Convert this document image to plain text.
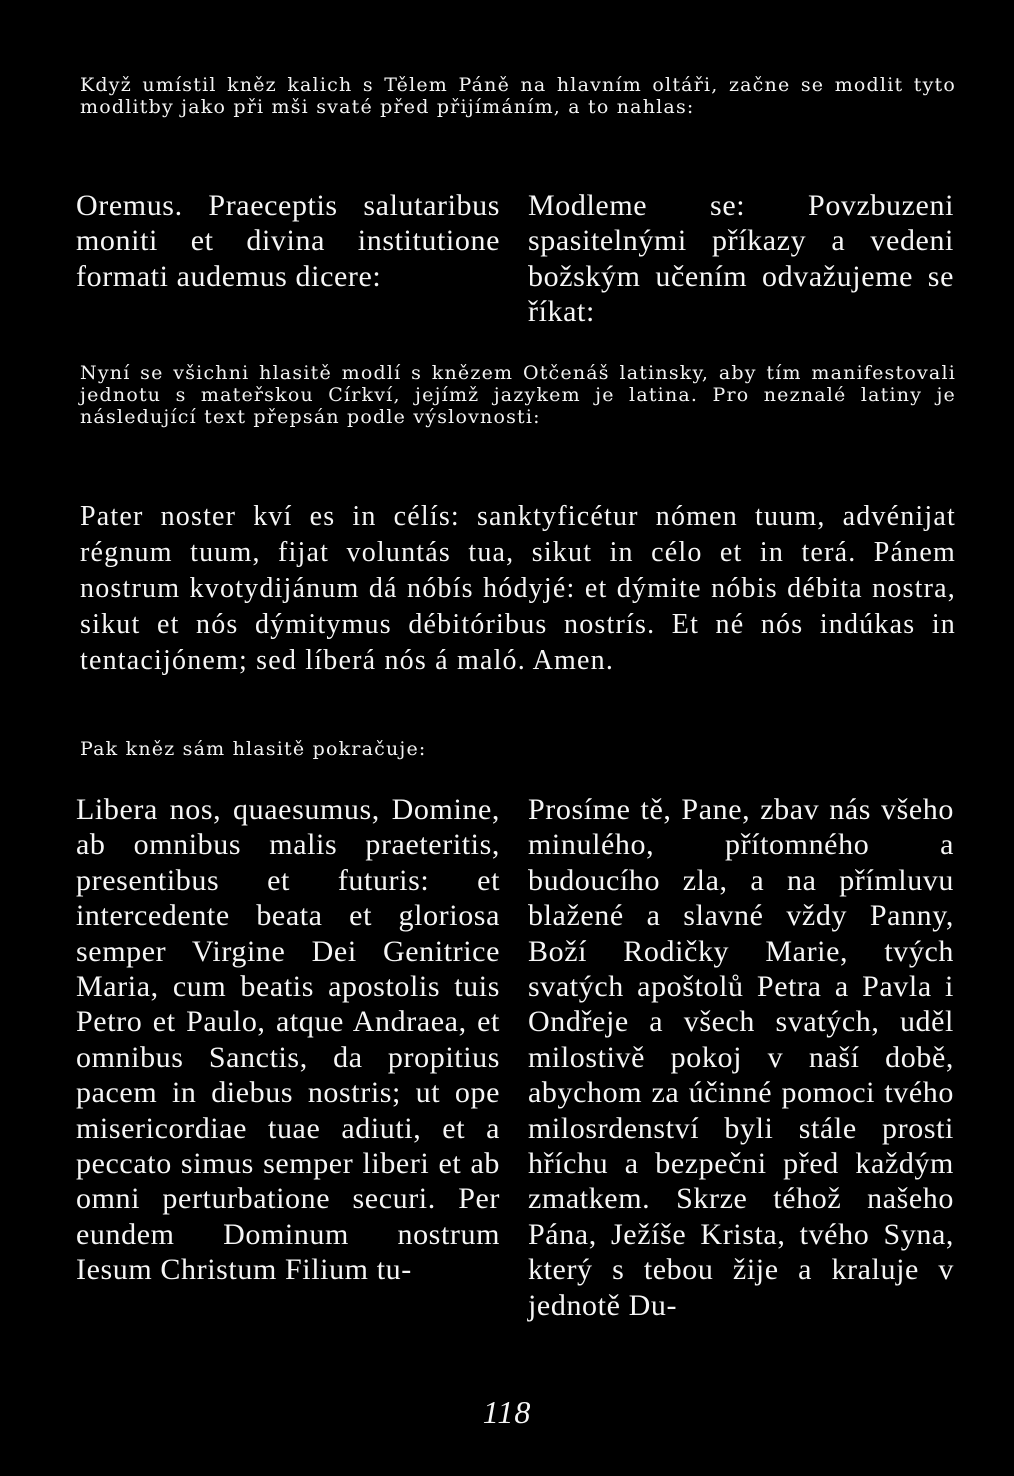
Když umístil kněz kalich s Tělem Páně na hlavním oltáři, začne se modlit tyto modlitby jako při mši svaté před přijímáním, a to nahlas:

Oremus. Praeceptis salutaribus moniti et divina institutione formati audemus dicere:

Modleme se: Povzbuzeni spasitelnými příkazy a vedeni božským učením odvažujeme se říkat:

Nyní se všichni hlasitě modlí s knězem Otčenáš latinsky, aby tím manifestovali jednotu s mateřskou Církví, jejímž jazykem je latina. Pro neznalé latiny je následující text přepsán podle výslovnosti:

Pater noster kví es in célís: sanktyficétur nómen tuum, advénijat régnum tuum, fijat voluntás tua, sikut in célo et in terá. Pánem nostrum kvotydijánum dá nóbís hódyjé: et dýmite nóbis débita nostra, sikut et nós dýmitymus débitóribus nostrís. Et né nós indúkas in tentacijónem; sed líberá nós á maló. Amen.

Pak kněz sám hlasitě pokračuje:

Libera nos, quaesumus, Domine, ab omnibus malis praeteritis, presentibus et futuris: et intercedente beata et gloriosa semper Virgine Dei Genitrice Maria, cum beatis apostolis tuis Petro et Paulo, atque Andraea, et omnibus Sanctis, da propitius pacem in diebus nostris; ut ope misericordiae tuae adiuti, et a peccato simus semper liberi et ab omni perturbatione securi. Per eundem Dominum nostrum Iesum Christum Filium tu-

Prosíme tě, Pane, zbav nás všeho minulého, přítomného a budoucího zla, a na přímluvu blažené a slavné vždy Panny, Boží Rodičky Marie, tvých svatých apoštolů Petra a Pavla i Ondřeje a všech svatých, uděl milostivě pokoj v naší době, abychom za účinné pomoci tvého milosrdenství byli stále prosti hříchu a bezpečni před každým zmatkem. Skrze téhož našeho Pána, Ježíše Krista, tvého Syna, který s tebou žije a kraluje v jednotě Du-

118
